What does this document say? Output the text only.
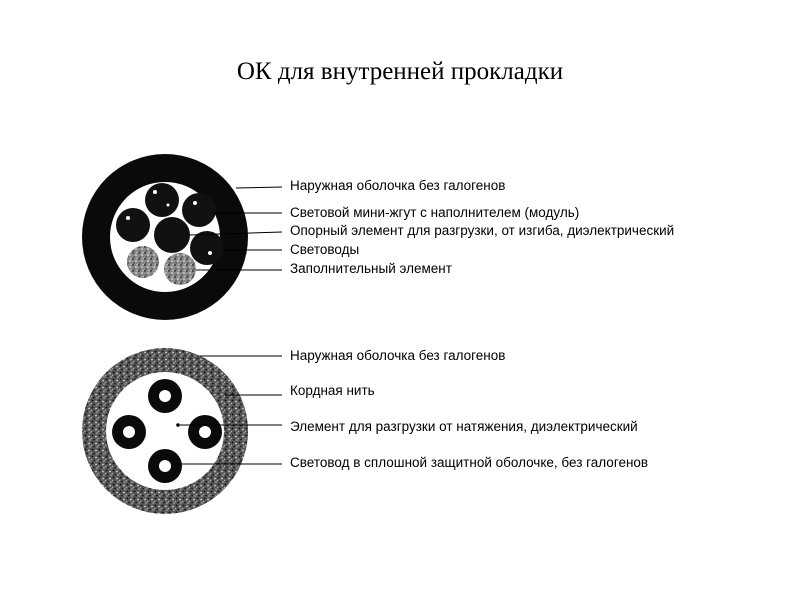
ОК для внутренней прокладки
Наружная оболочка без галогенов
Световой мини-жгут с наполнителем (модуль)
Опорный элемент для разгрузки, от изгиба, диэлектрический
Световоды
Заполнительный элемент
Наружная оболочка без галогенов
Кордная нить
Элемент для разгрузки от натяжения, диэлектрический
Световод в сплошной защитной оболочке, без галогенов
